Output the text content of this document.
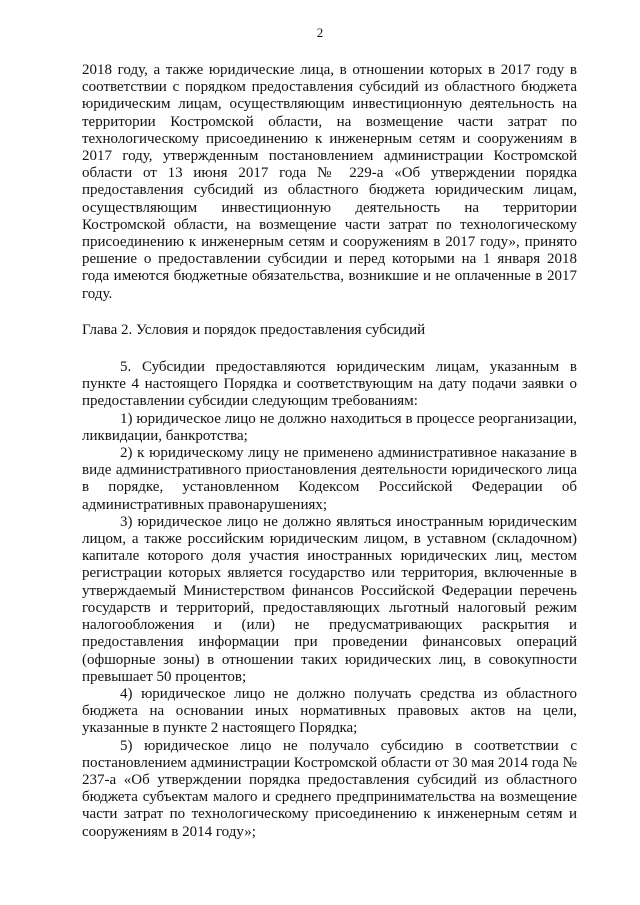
2

2018 году, а также юридические лица, в отношении которых в 2017 году в соответствии с порядком предоставления субсидий из областного бюджета юридическим лицам, осуществляющим инвестиционную деятельность на территории Костромской области, на возмещение части затрат по технологическому присоединению к инженерным сетям и сооружениям в 2017 году, утвержденным постановлением администрации Костромской области от 13 июня 2017 года № 229-а «Об утверждении порядка предоставления субсидий из областного бюджета юридическим лицам, осуществляющим инвестиционную деятельность на территории Костромской области, на возмещение части затрат по технологическому присоединению к инженерным сетям и сооружениям в 2017 году», принято решение о предоставлении субсидии и перед которыми на 1 января 2018 года имеются бюджетные обязательства, возникшие и не оплаченные в 2017 году.

Глава 2. Условия и порядок предоставления субсидий

5. Субсидии предоставляются юридическим лицам, указанным в пункте 4 настоящего Порядка и соответствующим на дату подачи заявки о предоставлении субсидии следующим требованиям:

1) юридическое лицо не должно находиться в процессе реорганизации, ликвидации, банкротства;

2) к юридическому лицу не применено административное наказание в виде административного приостановления деятельности юридического лица в порядке, установленном Кодексом Российской Федерации об административных правонарушениях;

3) юридическое лицо не должно являться иностранным юридическим лицом, а также российским юридическим лицом, в уставном (складочном) капитале которого доля участия иностранных юридических лиц, местом регистрации которых является государство или территория, включенные в утверждаемый Министерством финансов Российской Федерации перечень государств и территорий, предоставляющих льготный налоговый режим налогообложения и (или) не предусматривающих раскрытия и предоставления информации при проведении финансовых операций (офшорные зоны) в отношении таких юридических лиц, в совокупности превышает 50 процентов;

4) юридическое лицо не должно получать средства из областного бюджета на основании иных нормативных правовых актов на цели, указанные в пункте 2 настоящего Порядка;

5) юридическое лицо не получало субсидию в соответствии с постановлением администрации Костромской области от 30 мая 2014 года № 237-а «Об утверждении порядка предоставления субсидий из областного бюджета субъектам малого и среднего предпринимательства на возмещение части затрат по технологическому присоединению к инженерным сетям и сооружениям в 2014 году»;
